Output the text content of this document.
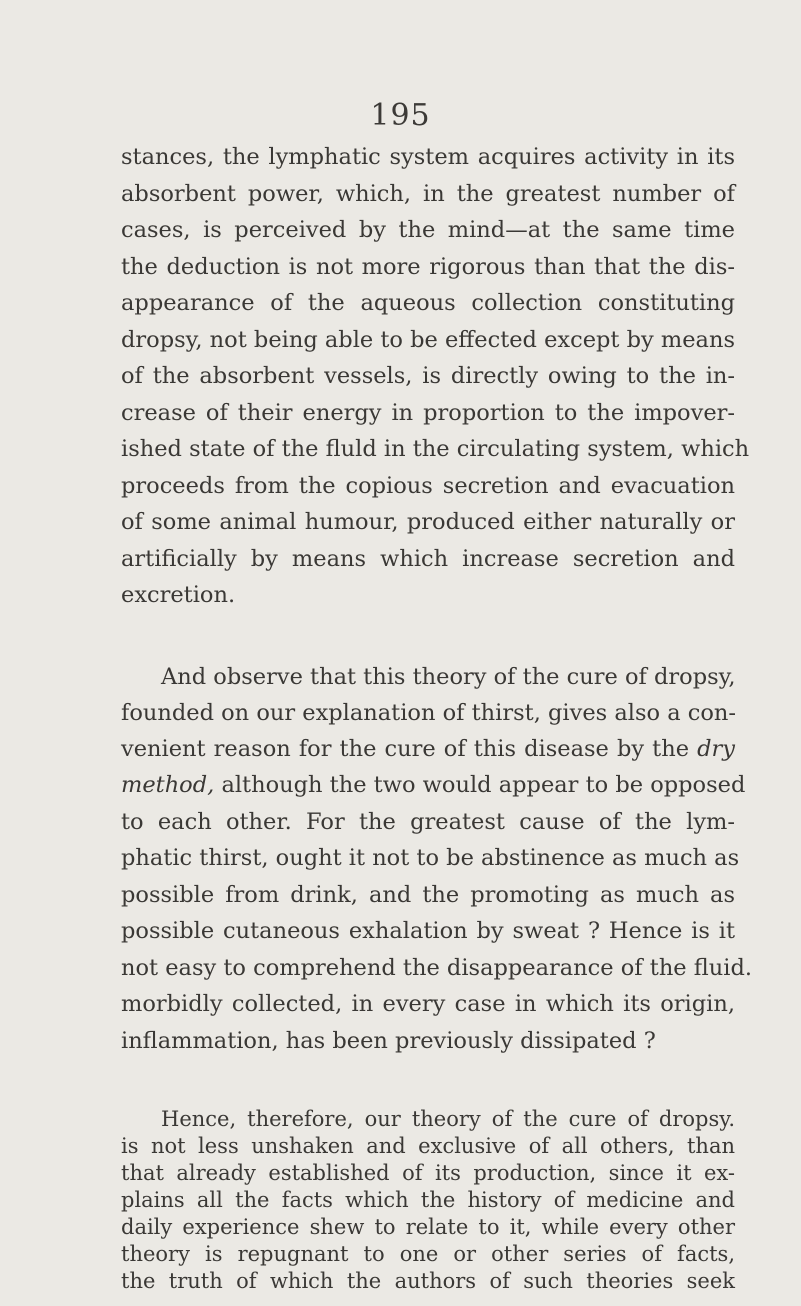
195
stances, the lymphatic system acquires activity in its
absorbent power, which, in the greatest number of
cases, is perceived by the mind—at the same time
the deduction is not more rigorous than that the dis-
appearance of the aqueous collection constituting
dropsy, not being able to be effected except by means
of the absorbent vessels, is directly owing to the in-
crease of their energy in proportion to the impover-
ished state of the fluld in the circulating system, which
proceeds from the copious secretion and evacuation
of some animal humour, produced either naturally or
artificially by means which increase secretion and
excretion.
And observe that this theory of the cure of dropsy,
founded on our explanation of thirst, gives also a con-
venient reason for the cure of this disease by the dry
method, although the two would appear to be opposed
to each other. For the greatest cause of the lym-
phatic thirst, ought it not to be abstinence as much as
possible from drink, and the promoting as much as
possible cutaneous exhalation by sweat ? Hence is it
not easy to comprehend the disappearance of the fluid.
morbidly collected, in every case in which its origin,
inflammation, has been previously dissipated ?
Hence, therefore, our theory of the cure of dropsy.
is not less unshaken and exclusive of all others, than
that already established of its production, since it ex-
plains all the facts which the history of medicine and
daily experience shew to relate to it, while every other
theory is repugnant to one or other series of facts,
the truth of which the authors of such theories seek
